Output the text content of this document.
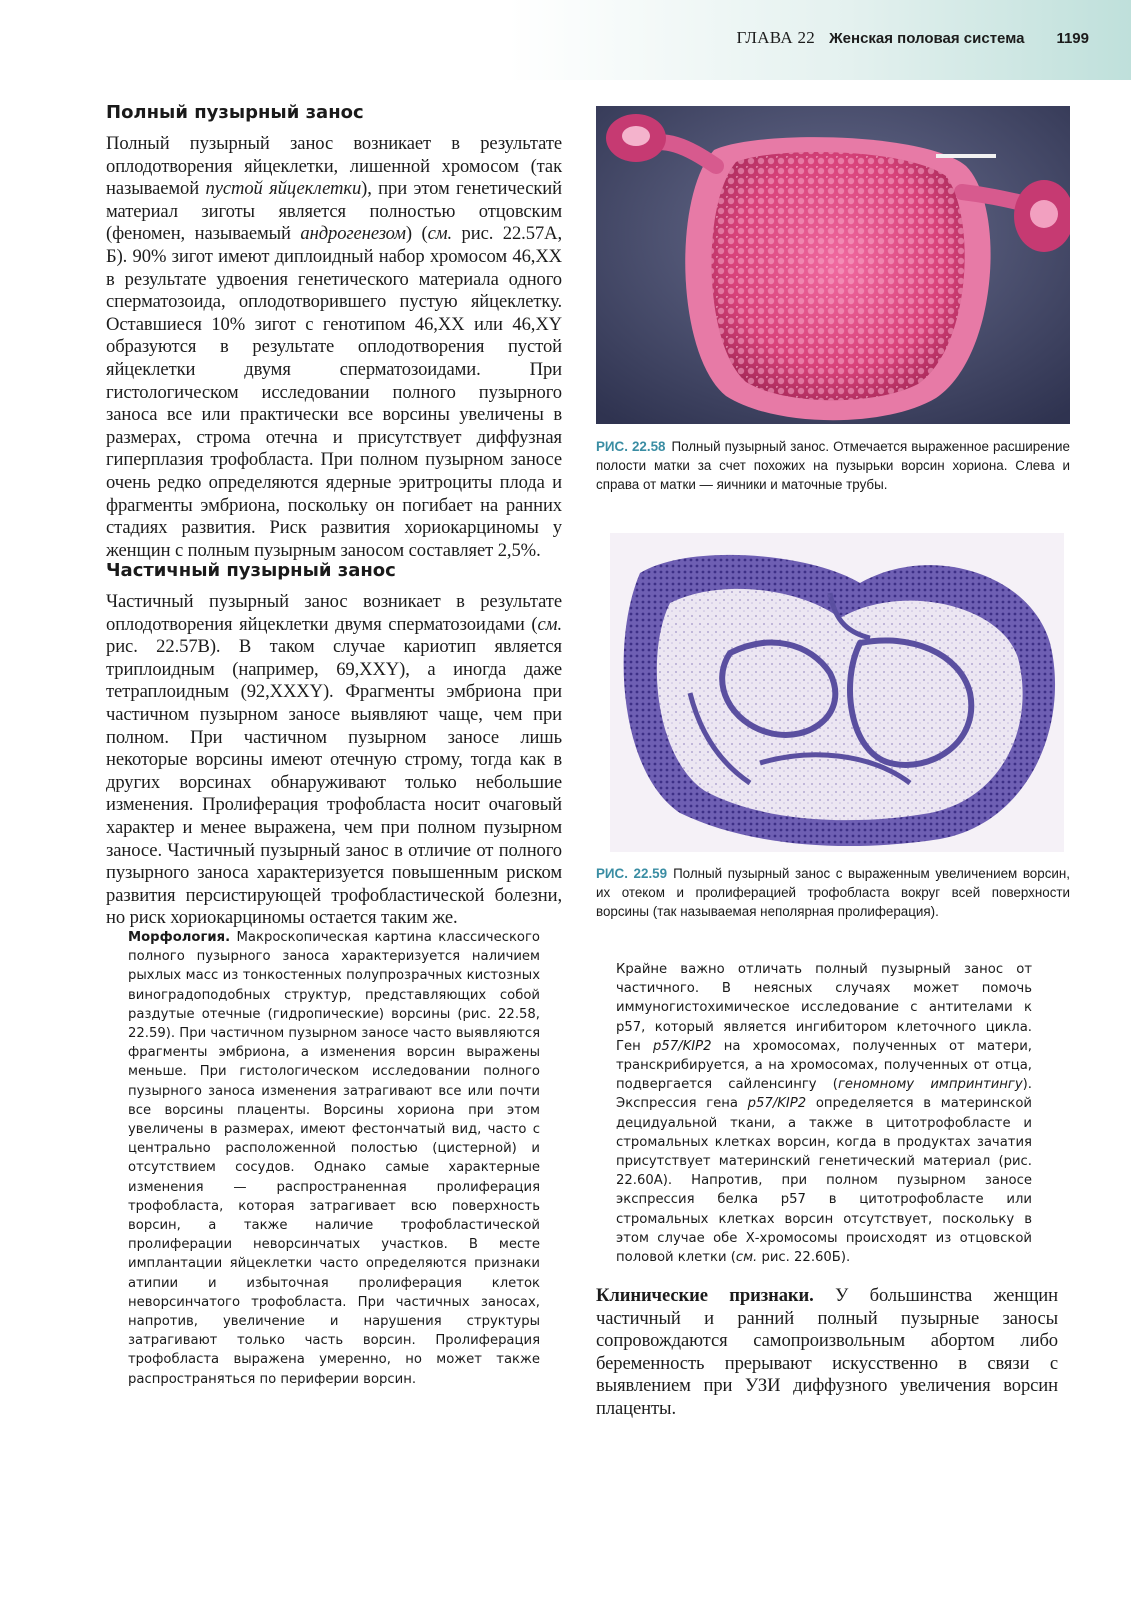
ГЛАВА 22 Женская половая система 1199
Полный пузырный занос

Полный пузырный занос возникает в результате оплодотворения яйцеклетки, лишенной хромосом (так называемой пустой яйцеклетки), при этом генетический материал зиготы является полностью отцовским (феномен, называемый андрогенезом) (см. рис. 22.57А, Б). 90% зигот имеют диплоидный набор хромосом 46,ХХ в результате удвоения генетического материала одного сперматозоида, оплодотворившего пустую яйцеклетку. Оставшиеся 10% зигот с генотипом 46,ХХ или 46,XY образуются в результате оплодотворения пустой яйцеклетки двумя сперматозоидами. При гистологическом исследовании полного пузырного заноса все или практически все ворсины увеличены в размерах, строма отечна и присутствует диффузная гиперплазия трофобласта. При полном пузырном заносе очень редко определяются ядерные эритроциты плода и фрагменты эмбриона, поскольку он погибает на ранних стадиях развития. Риск развития хориокарциномы у женщин с полным пузырным заносом составляет 2,5%.

Частичный пузырный занос

Частичный пузырный занос возникает в результате оплодотворения яйцеклетки двумя сперматозоидами (см. рис. 22.57В). В таком случае кариотип является триплоидным (например, 69,XXY), а иногда даже тетраплоидным (92,XXXY). Фрагменты эмбриона при частичном пузырном заносе выявляют чаще, чем при полном. При частичном пузырном заносе лишь некоторые ворсины имеют отечную строму, тогда как в других ворсинах обнаруживают только небольшие изменения. Пролиферация трофобласта носит очаговый характер и менее выражена, чем при полном пузырном заносе. Частичный пузырный занос в отличие от полного пузырного заноса характеризуется повышенным риском развития персистирующей трофобластической болезни, но риск хориокарциномы остается таким же.

Морфология. Макроскопическая картина классического полного пузырного заноса характеризуется наличием рыхлых масс из тонкостенных полупрозрачных кистозных виноградоподобных структур, представляющих собой раздутые отечные (гидропические) ворсины (рис. 22.58, 22.59). При частичном пузырном заносе часто выявляются фрагменты эмбриона, а изменения ворсин выражены меньше. При гистологическом исследовании полного пузырного заноса изменения затрагивают все или почти все ворсины плаценты. Ворсины хориона при этом увеличены в размерах, имеют фестончатый вид, часто с центрально расположенной полостью (цистерной) и отсутствием сосудов. Однако самые характерные изменения — распространенная пролиферация трофобласта, которая затрагивает всю поверхность ворсин, а также наличие трофобластической пролиферации неворсинчатых участков. В месте имплантации яйцеклетки часто определяются признаки атипии и избыточная пролиферация клеток неворсинчатого трофобласта. При частичных заносах, напротив, увеличение и нарушения структуры затрагивают только часть ворсин. Пролиферация трофобласта выражена умеренно, но может также распространяться по периферии ворсин.

РИС. 22.58 Полный пузырный занос. Отмечается выраженное расширение полости матки за счет похожих на пузырьки ворсин хориона. Слева и справа от матки — яичники и маточные трубы.

РИС. 22.59 Полный пузырный занос с выраженным увеличением ворсин, их отеком и пролиферацией трофобласта вокруг всей поверхности ворсины (так называемая неполярная пролиферация).

Крайне важно отличать полный пузырный занос от частичного. В неясных случаях может помочь иммуногистохимическое исследование с антителами к p57, который является ингибитором клеточного цикла. Ген p57/KIP2 на хромосомах, полученных от матери, транскрибируется, а на хромосомах, полученных от отца, подвергается сайленсингу (геномному импринтингу). Экспрессия гена p57/KIP2 определяется в материнской децидуальной ткани, а также в цитотрофобласте и стромальных клетках ворсин, когда в продуктах зачатия присутствует материнский генетический материал (рис. 22.60А). Напротив, при полном пузырном заносе экспрессия белка p57 в цитотрофобласте или стромальных клетках ворсин отсутствует, поскольку в этом случае обе Х-хромосомы происходят из отцовской половой клетки (см. рис. 22.60Б).

Клинические признаки. У большинства женщин частичный и ранний полный пузырные заносы сопровождаются самопроизвольным абортом либо беременность прерывают искусственно в связи с выявлением при УЗИ диффузного увеличения ворсин плаценты.
